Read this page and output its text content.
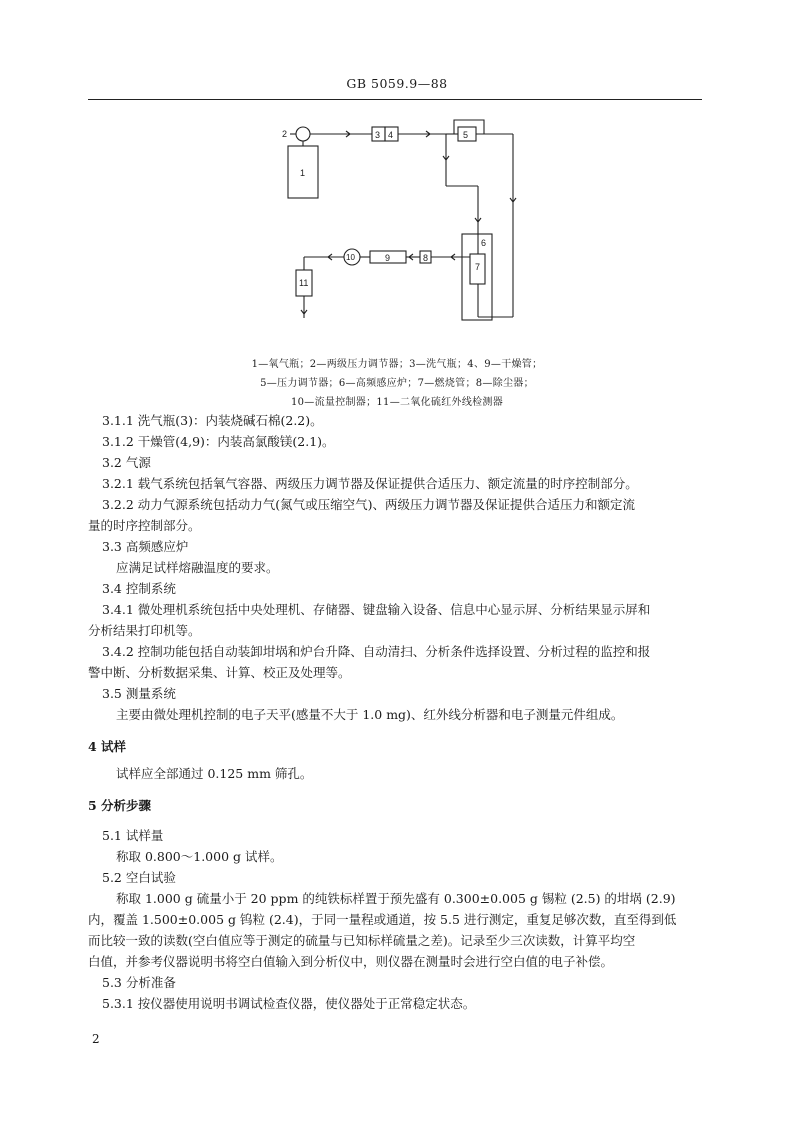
GB 5059.9—88
2
1
3 4	5
6
7
8
9
10
11
1—氧气瓶；2—两级压力调节器；3—洗气瓶；4、9—干燥管；
5—压力调节器；6—高频感应炉；7—燃烧管；8—除尘器；
10—流量控制器；11—二氧化硫红外线检测器
3.1.1 洗气瓶(3)：内装烧碱石棉(2.2)。
3.1.2 干燥管(4,9)：内装高氯酸镁(2.1)。
3.2 气源
3.2.1 载气系统包括氧气容器、两级压力调节器及保证提供合适压力、额定流量的时序控制部分。
3.2.2 动力气源系统包括动力气(氮气或压缩空气)、两级压力调节器及保证提供合适压力和额定流
量的时序控制部分。
3.3 高频感应炉
应满足试样熔融温度的要求。
3.4 控制系统
3.4.1 微处理机系统包括中央处理机、存储器、键盘输入设备、信息中心显示屏、分析结果显示屏和
分析结果打印机等。
3.4.2 控制功能包括自动装卸坩埚和炉台升降、自动清扫、分析条件选择设置、分析过程的监控和报
警中断、分析数据采集、计算、校正及处理等。
3.5 测量系统
主要由微处理机控制的电子天平(感量不大于 1.0 mg)、红外线分析器和电子测量元件组成。
4 试样
试样应全部通过 0.125 mm 筛孔。
5 分析步骤
5.1 试样量
称取 0.800～1.000 g 试样。
5.2 空白试验
称取 1.000 g 硫量小于 20 ppm 的纯铁标样置于预先盛有 0.300±0.005 g 锡粒 (2.5) 的坩埚 (2.9)
内，覆盖 1.500±0.005 g 钨粒 (2.4)，于同一量程或通道，按 5.5 进行测定，重复足够次数，直至得到低
而比较一致的读数(空白值应等于测定的硫量与已知标样硫量之差)。记录至少三次读数，计算平均空
白值，并参考仪器说明书将空白值输入到分析仪中，则仪器在测量时会进行空白值的电子补偿。
5.3 分析准备
5.3.1 按仪器使用说明书调试检查仪器，使仪器处于正常稳定状态。
2
